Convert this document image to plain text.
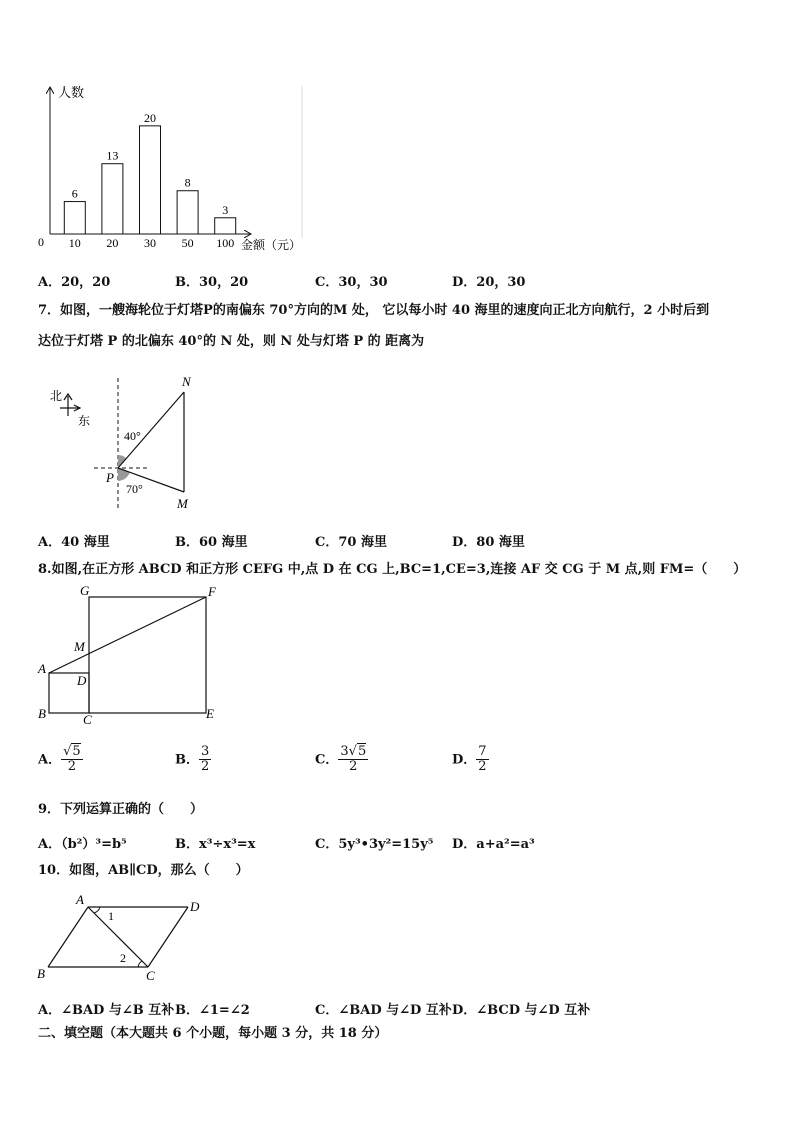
人数
金额（元）
0
6
10
13
20
20
30
8
50
3
100
A．20，20	B．30，20	C．30，30	D．20，30
7．如图，一艘海轮位于灯塔P的南偏东 70°方向的M 处， 它以每小时 40 海里的速度向正北方向航行，2 小时后到
达位于灯塔 P 的北偏东 40°的 N 处，则 N 处与灯塔 P 的 距离为
北
东
N
P
M
40°
70°
A．40 海里	B．60 海里	C．70 海里	D．80 海里
8.如图,在正方形 ABCD 和正方形 CEFG 中,点 D 在 CG 上,BC=1,CE=3,连接 AF 交 CG 于 M 点,则 FM=（　　）
G	F
M
A
D
B	C	E
A． $\frac{√5}{2}$	B． $\frac{3}{2}$	C． $\frac{3√5}{2}$	D． $\frac{7}{2}$
9．下列运算正确的（　　）
A．（b²）³=b⁵	B．x³÷x³=x	C．5y³•3y²=15y⁵ D．a+a²=a³
10．如图，AB∥CD，那么（　　）
A	D
B	C
1
2
A．∠BAD 与∠B 互补 B．∠1=∠2	C．∠BAD 与∠D 互补 D．∠BCD 与∠D 互补
二、填空题（本大题共 6 个小题，每小题 3 分，共 18 分）
